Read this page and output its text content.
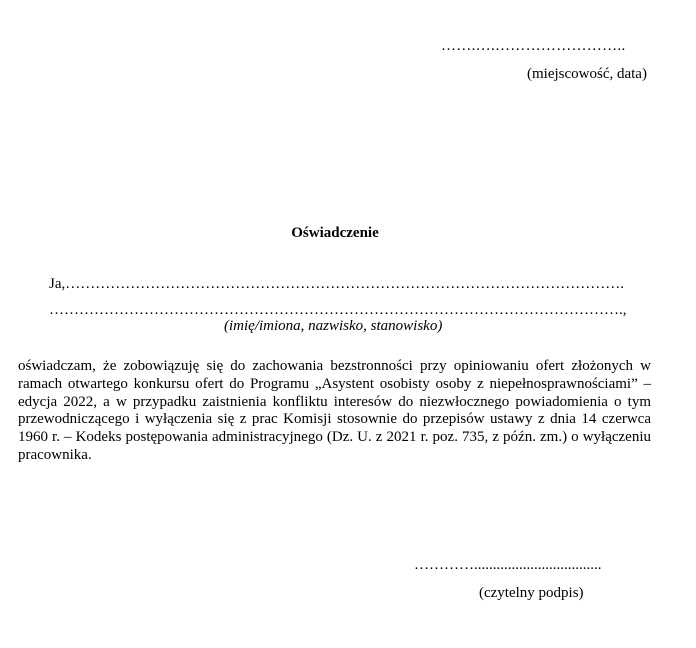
…….….……………………..
(miejscowość, data)
Oświadczenie
Ja,………………………………………………………………………………………………….
…………………………………………………………………………………………………….,
(imię/imiona, nazwisko, stanowisko)
oświadczam, że zobowiązuję się do zachowania bezstronności przy opiniowaniu ofert złożonych w ramach otwartego konkursu ofert do Programu „Asystent osobisty osoby z niepełnosprawnościami” – edycja 2022, a w przypadku zaistnienia konfliktu interesów do niezwłocznego powiadomienia o tym przewodniczącego i wyłączenia się z prac Komisji stosownie do przepisów ustawy z dnia 14 czerwca 1960 r. – Kodeks postępowania administracyjnego (Dz. U. z 2021 r. poz. 735, z późn. zm.) o wyłączeniu pracownika.
…………..................................
(czytelny podpis)
